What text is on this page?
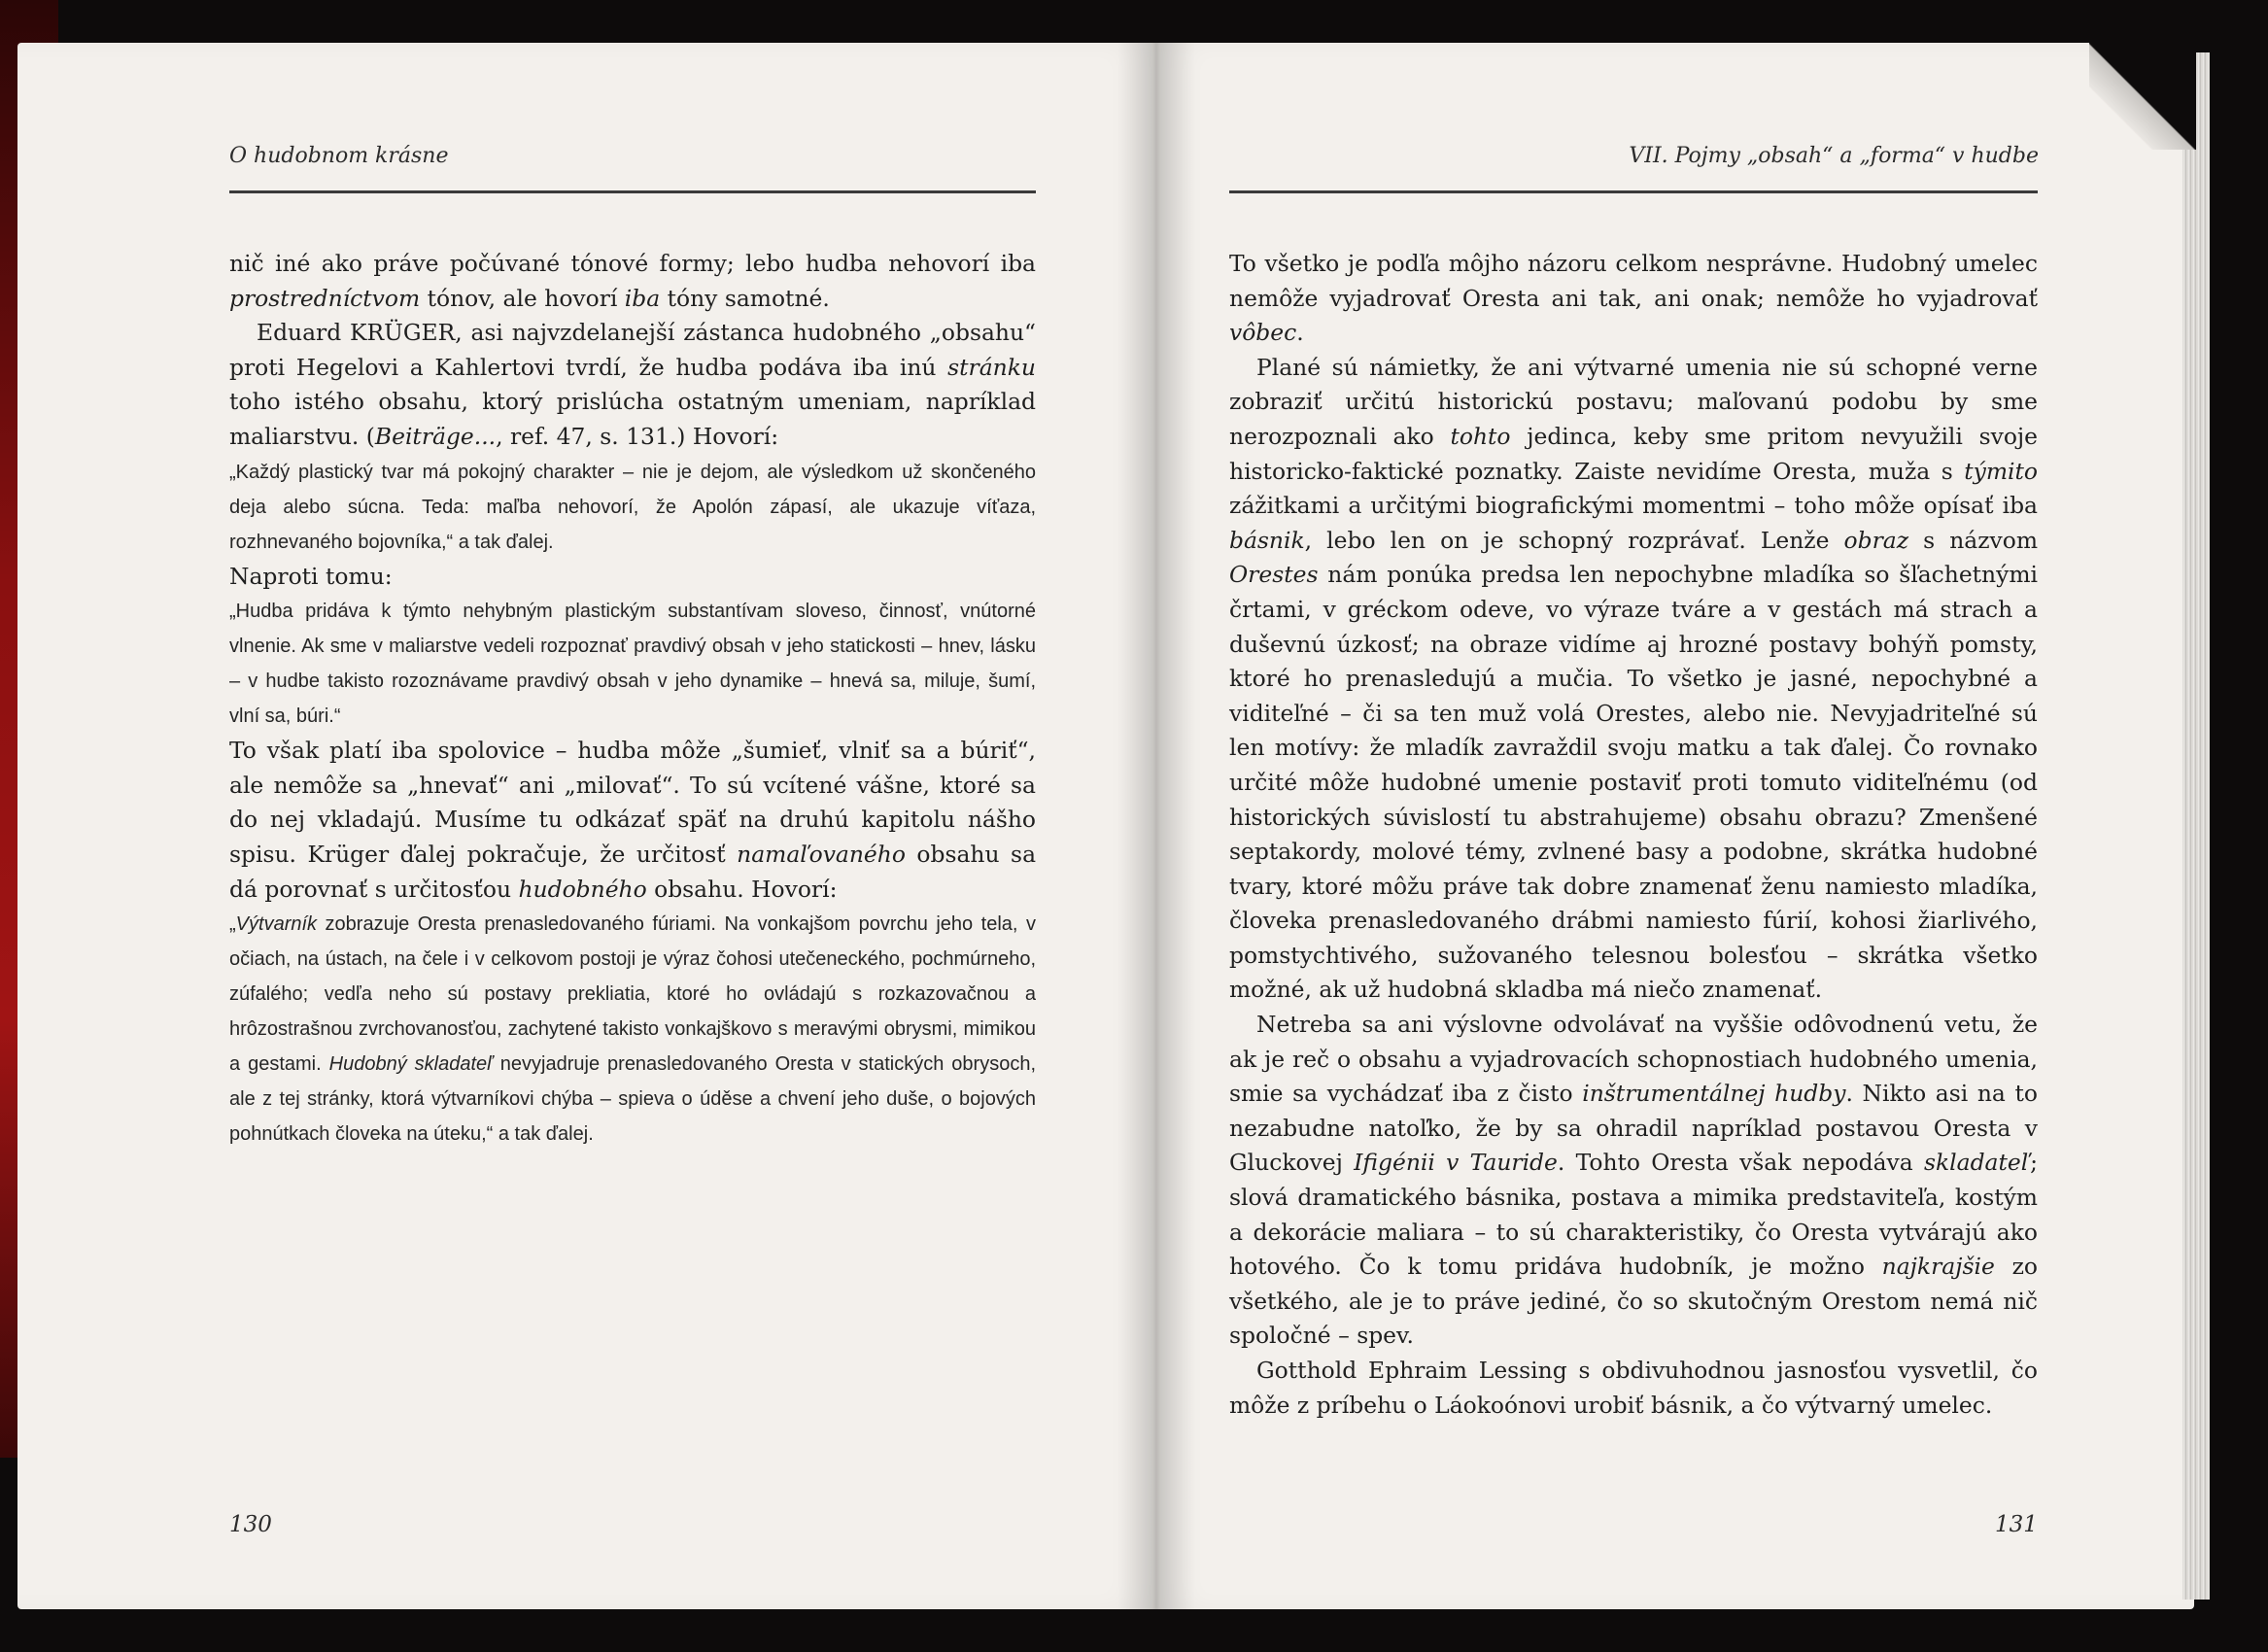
O hudobnom krásne	VII. Pojmy „obsah“ a „forma“ v hudbe

nič iné ako práve počúvané tónové formy; lebo hudba nehovorí iba prostredníctvom tónov, ale hovorí iba tóny samotné.

Eduard KRÜGER, asi najvzdelanejší zástanca hudobného „obsahu“ proti Hegelovi a Kahlertovi tvrdí, že hudba podáva iba inú stránku toho istého obsahu, ktorý prislúcha ostatným umeniam, napríklad maliarstvu. (Beiträge..., ref. 47, s. 131.) Hovorí:

„Každý plastický tvar má pokojný charakter – nie je dejom, ale výsledkom už skončeného deja alebo súcna. Teda: maľba nehovorí, že Apolón zápasí, ale ukazuje víťaza, rozhnevaného bojovníka,“ a tak ďalej.

Naproti tomu:

„Hudba pridáva k týmto nehybným plastickým substantívam sloveso, činnosť, vnútorné vlnenie. Ak sme v maliarstve vedeli rozpoznať pravdivý obsah v jeho statickosti – hnev, lásku – v hudbe takisto rozoznávame pravdivý obsah v jeho dynamike – hnevá sa, miluje, šumí, vlní sa, búri.“

To však platí iba spolovice – hudba môže „šumieť, vlniť sa a búriť“, ale nemôže sa „hnevať“ ani „milovať“. To sú vcítené vášne, ktoré sa do nej vkladajú. Musíme tu odkázať späť na druhú kapitolu nášho spisu. Krüger ďalej pokračuje, že určitosť namaľovaného obsahu sa dá porovnať s určitosťou hudobného obsahu. Hovorí:

„Výtvarník zobrazuje Oresta prenasledovaného fúriami. Na vonkajšom povrchu jeho tela, v očiach, na ústach, na čele i v celkovom postoji je výraz čohosi utečeneckého, pochmúrneho, zúfalého; vedľa neho sú postavy prekliatia, ktoré ho ovládajú s rozkazovačnou a hrôzostrašnou zvrchovanosťou, zachytené takisto vonkajškovo s meravými obrysmi, mimikou a gestami. Hudobný skladateľ nevyjadruje prenasledovaného Oresta v statických obrysoch, ale z tej stránky, ktorá výtvarníkovi chýba – spieva o úděse a chvení jeho duše, o bojových pohnútkach človeka na úteku,“ a tak ďalej.

To všetko je podľa môjho názoru celkom nesprávne. Hudobný umelec nemôže vyjadrovať Oresta ani tak, ani onak; nemôže ho vyjadrovať vôbec.

Plané sú námietky, že ani výtvarné umenia nie sú schopné verne zobraziť určitú historickú postavu; maľovanú podobu by sme nerozpoznali ako tohto jedinca, keby sme pritom nevyužili svoje historicko-faktické poznatky. Zaiste nevidíme Oresta, muža s týmito zážitkami a určitými biografickými momentmi – toho môže opísať iba básnik, lebo len on je schopný rozprávať. Lenže obraz s názvom Orestes nám ponúka predsa len nepochybne mladíka so šľachetnými črtami, v gréckom odeve, vo výraze tváre a v gestách má strach a duševnú úzkosť; na obraze vidíme aj hrozné postavy bohýň pomsty, ktoré ho prenasledujú a mučia. To všetko je jasné, nepochybné a viditeľné – či sa ten muž volá Orestes, alebo nie. Nevyjadriteľné sú len motívy: že mladík zavraždil svoju matku a tak ďalej. Čo rovnako určité môže hudobné umenie postaviť proti tomuto viditeľnému (od historických súvislostí tu abstrahujeme) obsahu obrazu? Zmenšené septakordy, molové témy, zvlnené basy a podobne, skrátka hudobné tvary, ktoré môžu práve tak dobre znamenať ženu namiesto mladíka, človeka prenasledovaného drábmi namiesto fúrií, kohosi žiarlivého, pomstychtivého, sužovaného telesnou bolesťou – skrátka všetko možné, ak už hudobná skladba má niečo znamenať.

Netreba sa ani výslovne odvolávať na vyššie odôvodnenú vetu, že ak je reč o obsahu a vyjadrovacích schopnostiach hudobného umenia, smie sa vychádzať iba z čisto inštrumentálnej hudby. Nikto asi na to nezabudne natoľko, že by sa ohradil napríklad postavou Oresta v Gluckovej Ifigénii v Tauride. Tohto Oresta však nepodáva skladateľ; slová dramatického básnika, postava a mimika predstaviteľa, kostým a dekorácie maliara – to sú charakteristiky, čo Oresta vytvárajú ako hotového. Čo k tomu pridáva hudobník, je možno najkrajšie zo všetkého, ale je to práve jediné, čo so skutočným Orestom nemá nič spoločné – spev.

Gotthold Ephraim Lessing s obdivuhodnou jasnosťou vysvetlil, čo môže z príbehu o Láokoónovi urobiť básnik, a čo výtvarný umelec.

130	131
